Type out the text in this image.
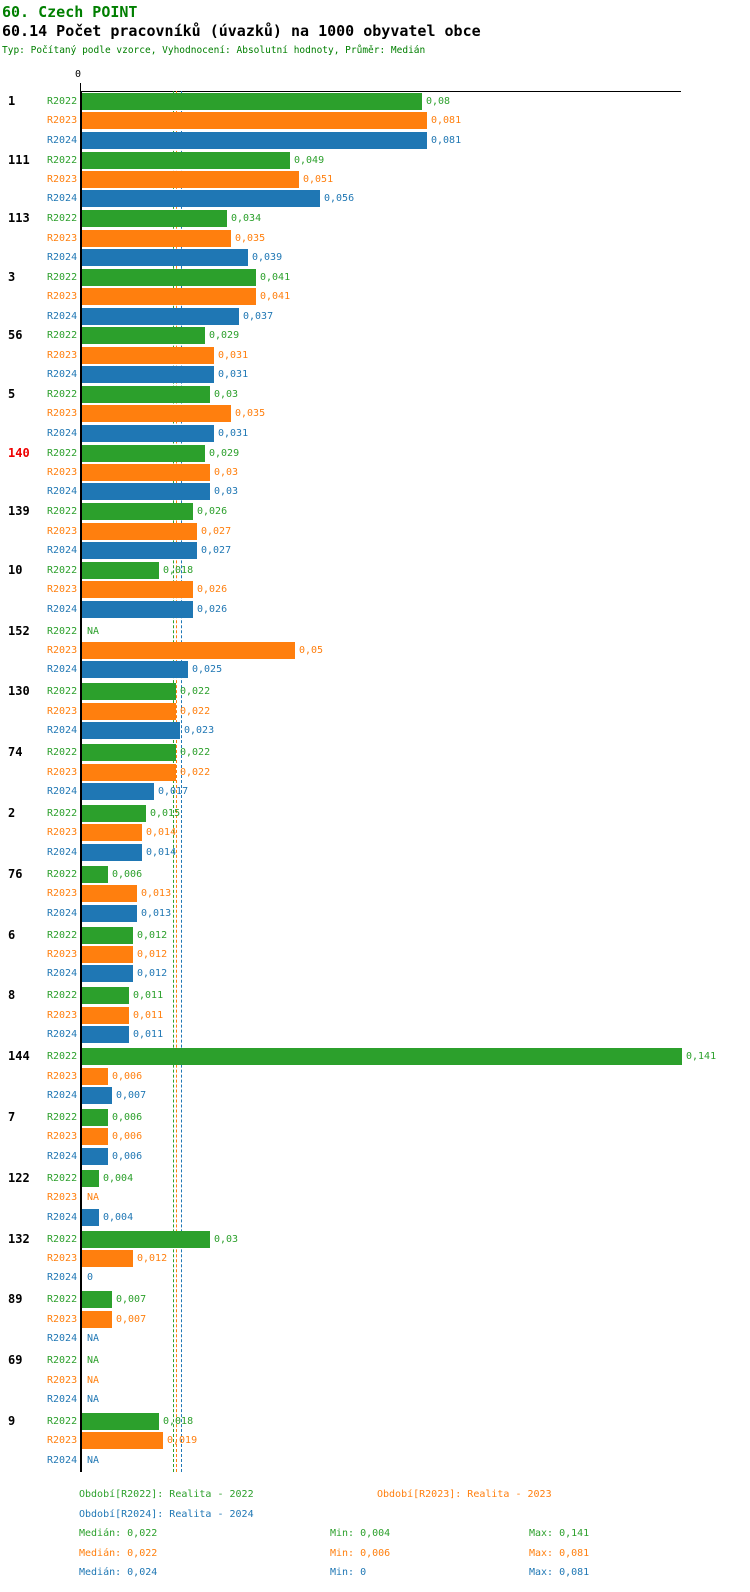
60. Czech POINT
60.14 Počet pracovníků (úvazků) na 1000 obyvatel obce
Typ: Počítaný podle vzorce, Vyhodnocení: Absolutní hodnoty, Průměr: Medián
0
1	R2022	0,08
R2023	0,081
R2024	0,081
111	R2022	0,049
R2023	0,051
R2024	0,056
113	R2022	0,034
R2023	0,035
R2024	0,039
3	R2022	0,041
R2023	0,041
R2024	0,037
56	R2022	0,029
R2023	0,031
R2024	0,031
5	R2022	0,03
R2023	0,035
R2024	0,031
140	R2022	0,029
R2023	0,03
R2024	0,03
139	R2022	0,026
R2023	0,027
R2024	0,027
10	R2022	0,018
R2023	0,026
R2024	0,026
152	R2022 NA
R2023	0,05
R2024	0,025
130	R2022	0,022
R2023	0,022
R2024	0,023
74	R2022	0,022
R2023	0,022
R2024	0,017
2	R2022	0,015
R2023	0,014
R2024	0,014
76	R2022	0,006
R2023	0,013
R2024	0,013
6	R2022	0,012
R2023	0,012
R2024	0,012
8	R2022	0,011
R2023	0,011
R2024	0,011
144	R2022	0,141
R2023	0,006
R2024	0,007
7	R2022	0,006
R2023	0,006
R2024	0,006
122	R2022	0,004
R2023 NA
R2024	0,004
132	R2022	0,03
R2023	0,012
R2024 0
89	R2022	0,007
R2023	0,007
R2024 NA
69	R2022 NA
R2023 NA
R2024 NA
9	R2022	0,018
R2023	0,019
R2024 NA
Období[R2022]: Realita - 2022	Období[R2023]: Realita - 2023
Období[R2024]: Realita - 2024
Medián: 0,022	Min: 0,004	Max: 0,141
Medián: 0,022	Min: 0,006	Max: 0,081
Medián: 0,024	Min: 0	Max: 0,081
